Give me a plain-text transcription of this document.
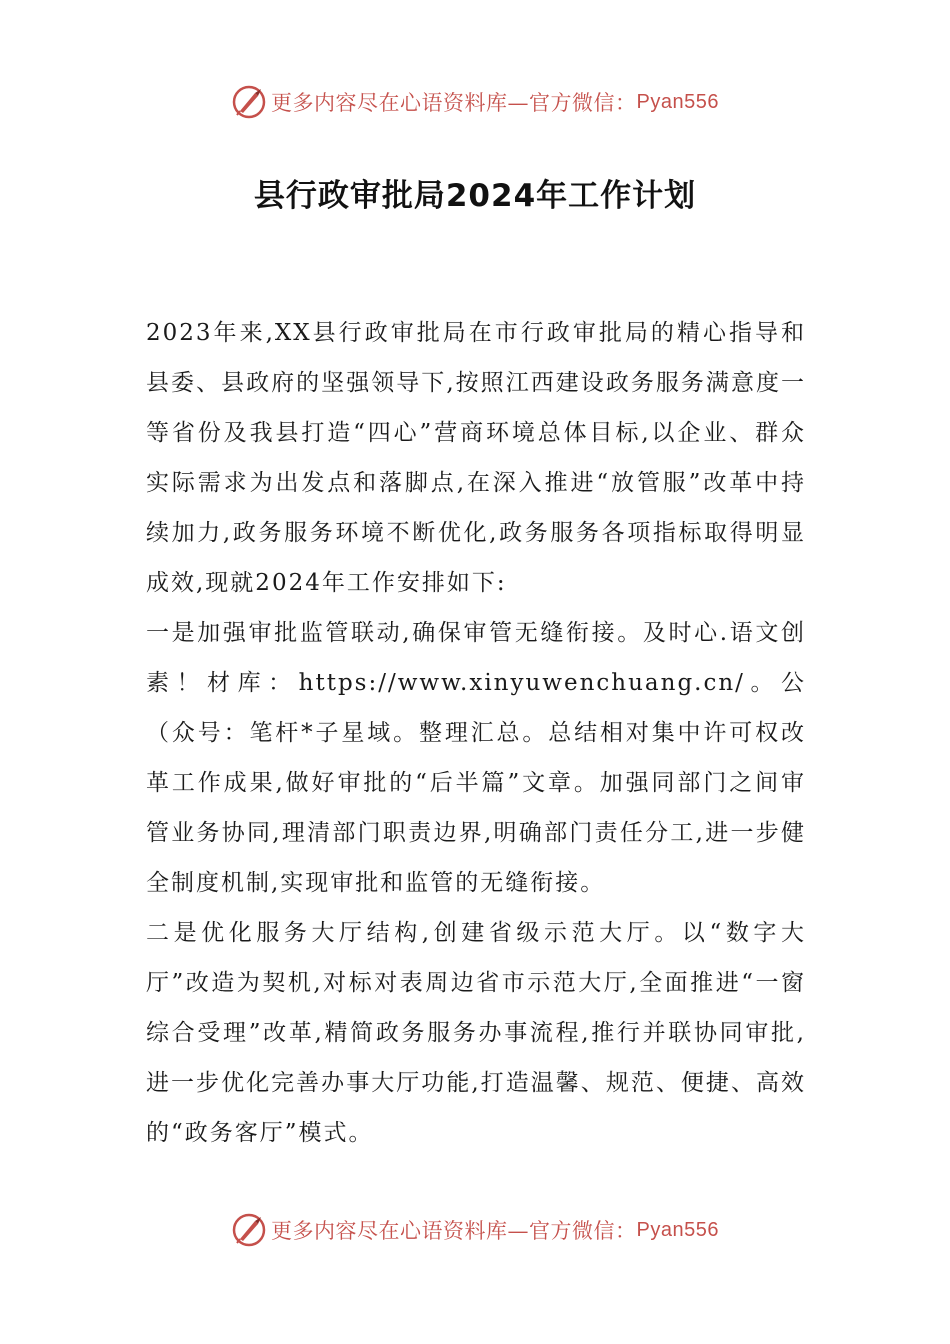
更多内容尽在心语资料库—官方微信： Pyan556
县行政审批局2024年工作计划

2023年来,XX县行政审批局在市行政审批局的精心指导和县委、县政府的坚强领导下,按照江西建设政务服务满意度一等省份及我县打造“四心”营商环境总体目标,以企业、群众实际需求为出发点和落脚点,在深入推进“放管服”改革中持续加力,政务服务环境不断优化,政务服务各项指标取得明显成效,现就2024年工作安排如下:

一是加强审批监管联动,确保审管无缝衔接。及时心.语文创素！材库：https://www.xinyuwenchuang.cn/。公（众号：笔杆*子星域。整理汇总。总结相对集中许可权改革工作成果,做好审批的“后半篇”文章。加强同部门之间审管业务协同,理清部门职责边界,明确部门责任分工,进一步健全制度机制,实现审批和监管的无缝衔接。

二是优化服务大厅结构,创建省级示范大厅。以“数字大厅”改造为契机,对标对表周边省市示范大厅,全面推进“一窗综合受理”改革,精简政务服务办事流程,推行并联协同审批,进一步优化完善办事大厅功能,打造温馨、规范、便捷、高效的“政务客厅”模式。

更多内容尽在心语资料库—官方微信： Pyan556
